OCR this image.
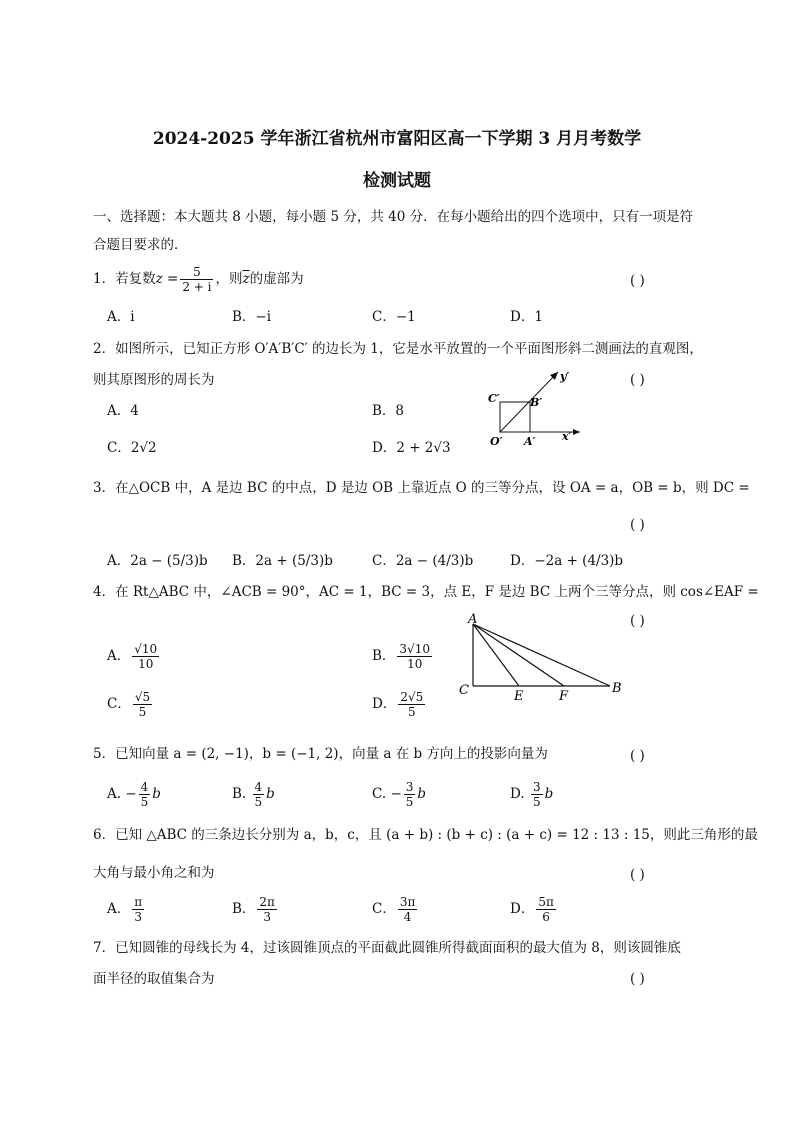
2024-2025 学年浙江省杭州市富阳区高一下学期 3 月月考数学
检测试题
一、选择题：本大题共 8 小题，每小题 5 分，共 40 分．在每小题给出的四个选项中，只有一项是符
合题目要求的．
1．若复数$z = \frac{5}{2 + i}$ ，则$\overline{z}$的虚部为	( )
A．i	B．−i	C．−1	D．1
2．如图所示，已知正方形 O′A′B′C′ 的边长为 1，它是水平放置的一个平面图形斜二测画法的直观图，
则其原图形的周长为	( )
A．4	B．8
C．2√2	D．2 + 2√3
y′
x′
O′ A′
B′
C′
3．在△OCB 中，A 是边 BC 的中点，D 是边 OB 上靠近点 O 的三等分点，设 OA = a，OB = b，则 DC =
( )
A．2a − (5/3)b B．2a + (5/3)b	C．2a − (4/3)b	D．−2a + (4/3)b
4．在 Rt△ABC 中，∠ACB = 90°，AC = 1，BC = 3，点 E，F 是边 BC 上两个三等分点，则 cos∠EAF =
( )
A． $\frac{√10}{10}$	B． $\frac{3√10}{10}$
C． $\frac{√5}{5}$	D． $\frac{2√5}{5}$
A
C	E	F
B
5．已知向量 a = (2, −1)，b = (−1, 2)，向量 a 在 b 方向上的投影向量为	( )
A. − $\frac{4}{5}$ b	B. $\frac{4}{5}$ b	C. − $\frac{3}{5}$ b	D. $\frac{3}{5}$ b
6．已知 △ABC 的三条边长分别为 a，b，c，且 (a + b) : (b + c) : (a + c) = 12 : 13 : 15，则此三角形的最
大角与最小角之和为	( )
A． $\frac{\pi}{3}$	B． $\frac{2\pi}{3}$	C． $\frac{3\pi}{4}$	D． $\frac{5\pi}{6}$
7．已知圆锥的母线长为 4，过该圆锥顶点的平面截此圆锥所得截面面积的最大值为 8，则该圆锥底
面半径的取值集合为	( )
